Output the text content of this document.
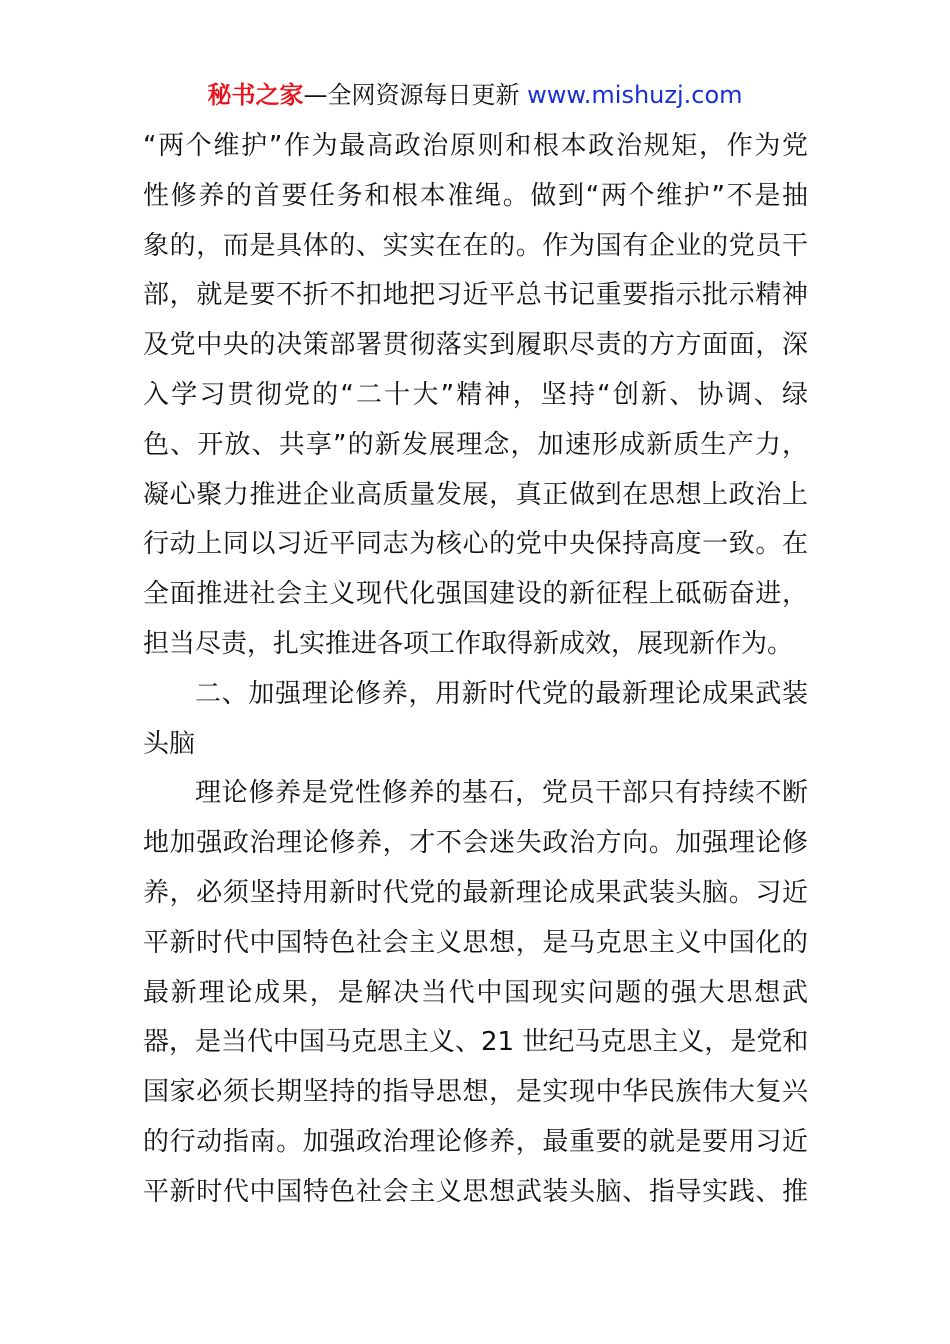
秘书之家—全网资源每日更新 www.mishuzj.com
“两个维护”作为最高政治原则和根本政治规矩，作为党
性修养的首要任务和根本准绳。做到“两个维护”不是抽
象的，而是具体的、实实在在的。作为国有企业的党员干
部，就是要不折不扣地把习近平总书记重要指示批示精神
及党中央的决策部署贯彻落实到履职尽责的方方面面，深
入学习贯彻党的“二十大”精神，坚持“创新、协调、绿
色、开放、共享”的新发展理念，加速形成新质生产力，
凝心聚力推进企业高质量发展，真正做到在思想上政治上
行动上同以习近平同志为核心的党中央保持高度一致。在
全面推进社会主义现代化强国建设的新征程上砥砺奋进，
担当尽责，扎实推进各项工作取得新成效，展现新作为。
二、加强理论修养，用新时代党的最新理论成果武装
头脑
理论修养是党性修养的基石，党员干部只有持续不断
地加强政治理论修养，才不会迷失政治方向。加强理论修
养，必须坚持用新时代党的最新理论成果武装头脑。习近
平新时代中国特色社会主义思想，是马克思主义中国化的
最新理论成果，是解决当代中国现实问题的强大思想武
器，是当代中国马克思主义、21 世纪马克思主义，是党和
国家必须长期坚持的指导思想，是实现中华民族伟大复兴
的行动指南。加强政治理论修养，最重要的就是要用习近
平新时代中国特色社会主义思想武装头脑、指导实践、推
